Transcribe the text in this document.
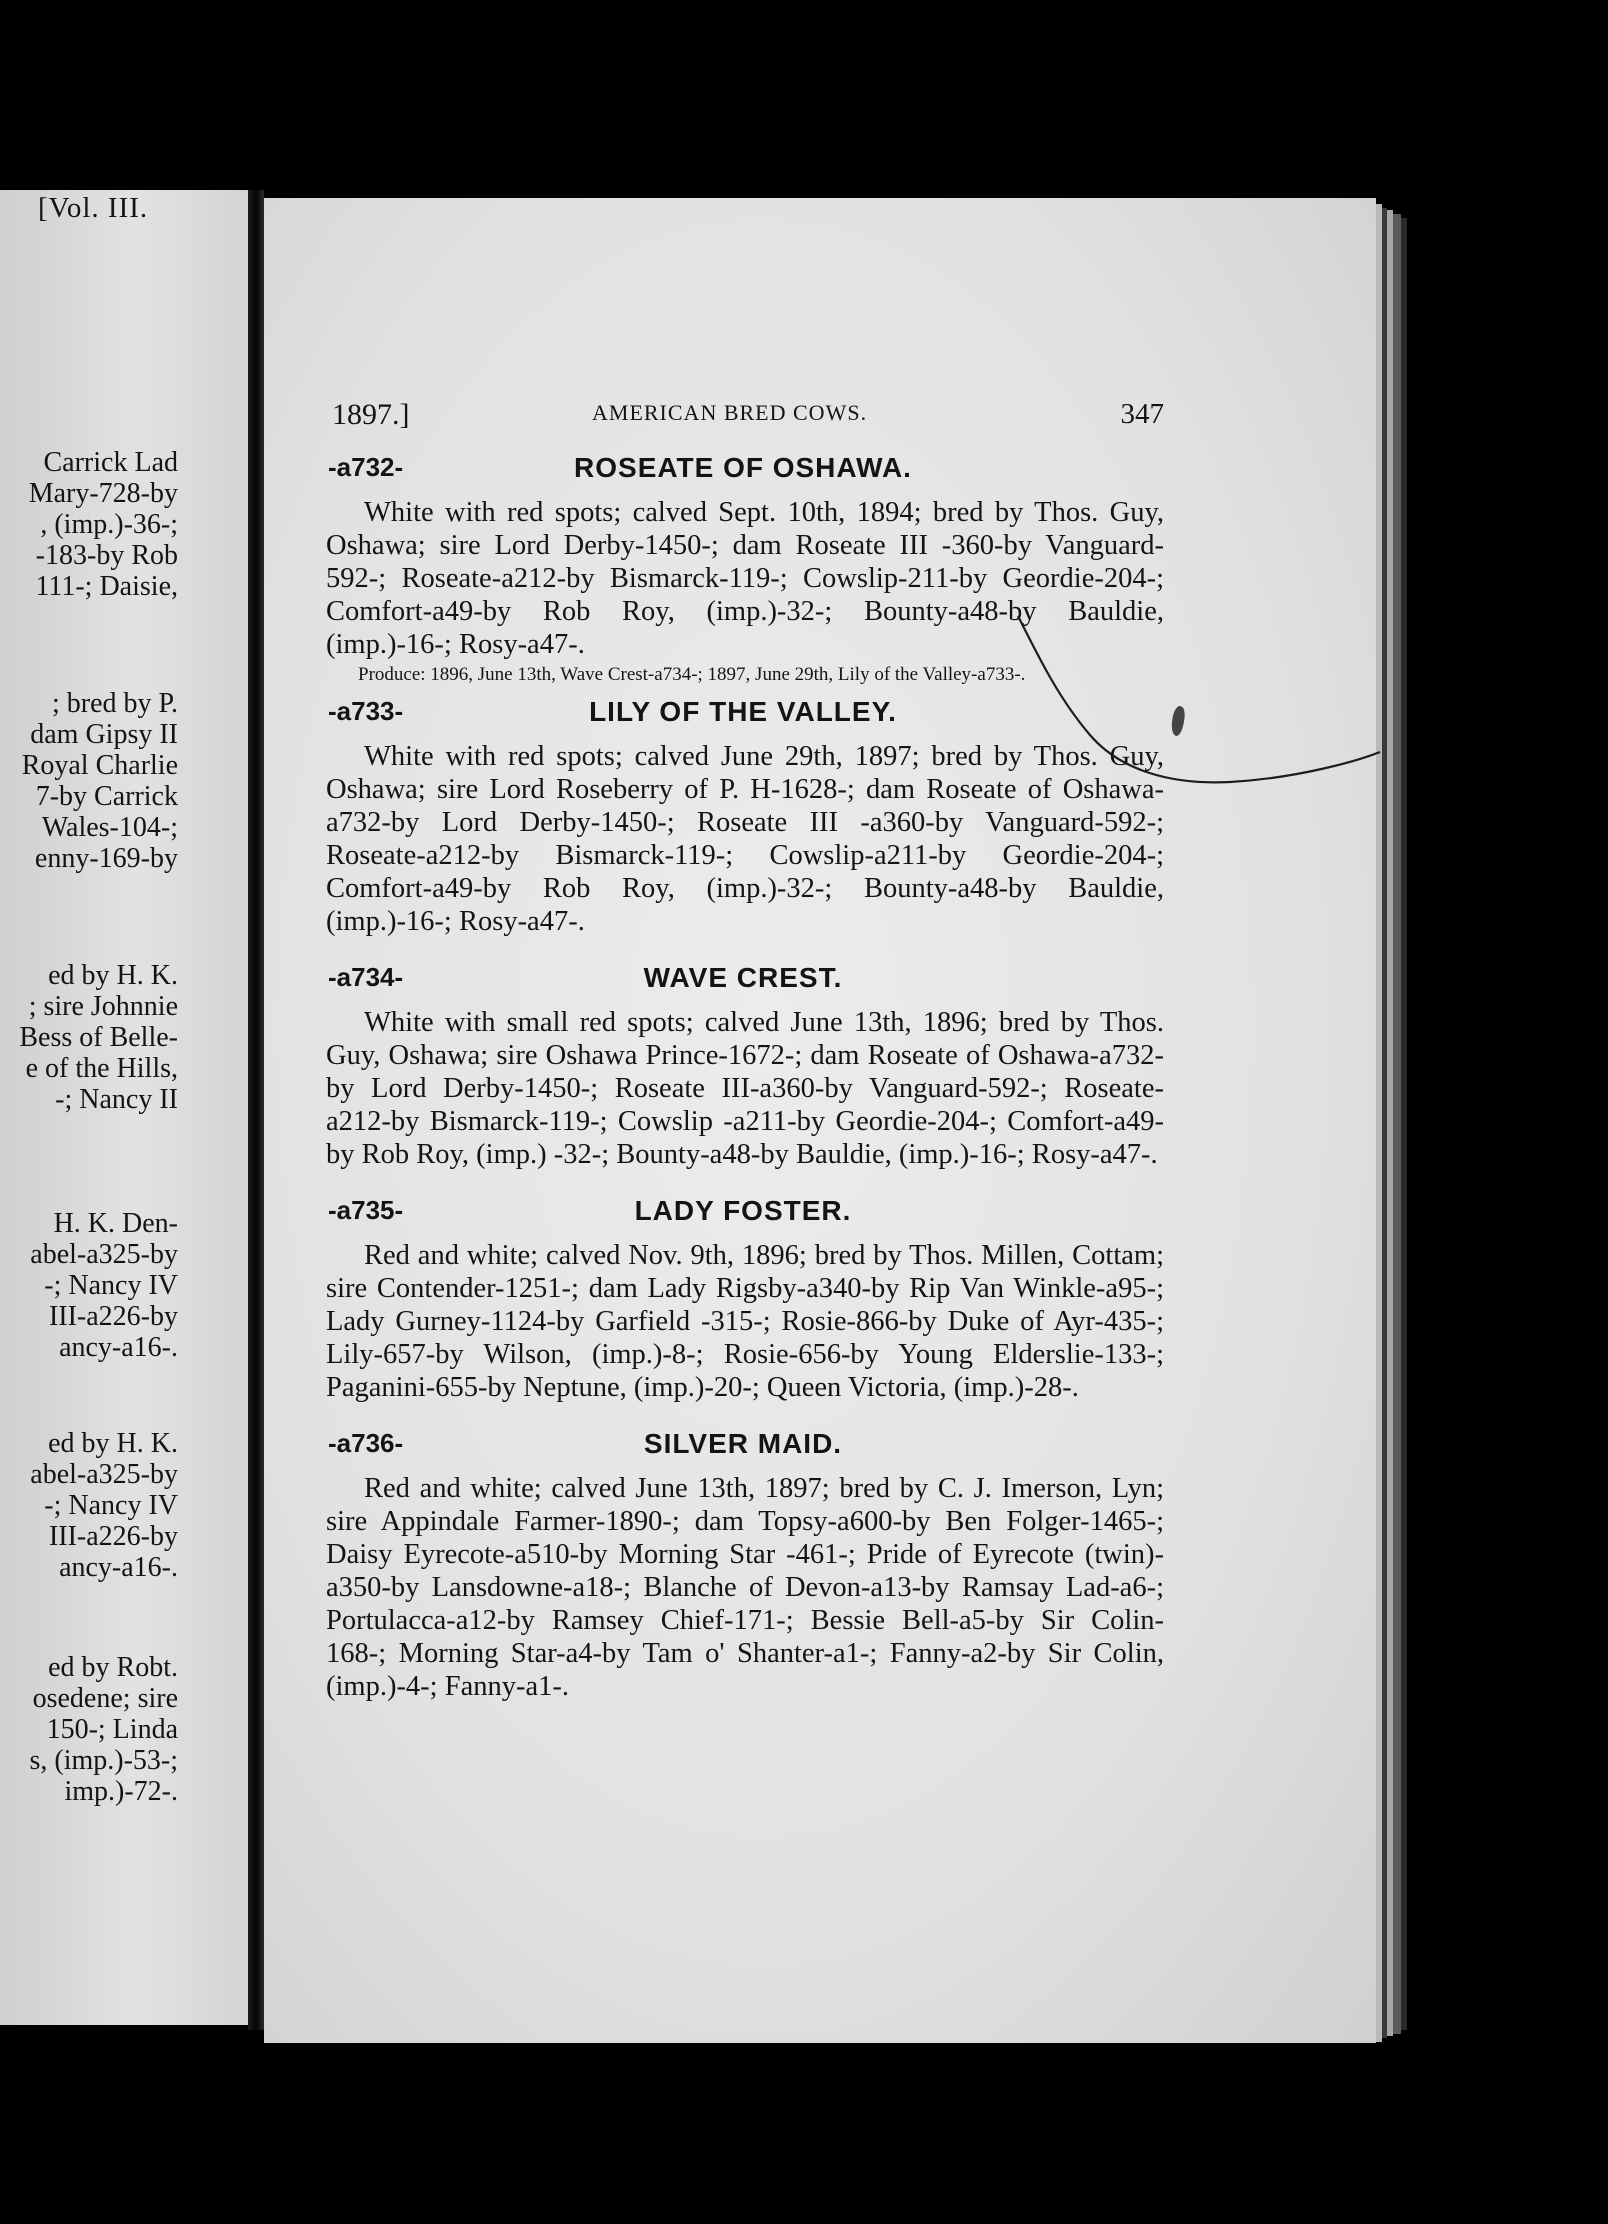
[Vol. III.
Carrick Lad
Mary-728-by
, (imp.)-36-;
-183-by Rob
111-; Daisie,
; bred by P.
dam Gipsy II
Royal Charlie
7-by Carrick
Wales-104-;
enny-169-by
ed by H. K.
; sire Johnnie
Bess of Belle-
e of the Hills,
-; Nancy II
H. K. Den-
abel-a325-by
-; Nancy IV
III-a226-by
ancy-a16-.
ed by H. K.
abel-a325-by
-; Nancy IV
III-a226-by
ancy-a16-.
ed by Robt.
osedene; sire
150-; Linda
s, (imp.)-53-;
imp.)-72-.
1897.]	AMERICAN BRED COWS.	347
-a732-	ROSEATE OF OSHAWA.

White with red spots; calved Sept. 10th, 1894; bred by Thos. Guy, Oshawa; sire Lord Derby-1450-; dam Roseate III -360-by Vanguard-592-; Roseate-a212-by Bismarck-119-; Cowslip-211-by Geordie-204-; Comfort-a49-by Rob Roy, (imp.)-32-; Bounty-a48-by Bauldie, (imp.)-16-; Rosy-a47-.

Produce: 1896, June 13th, Wave Crest-a734-; 1897, June 29th, Lily of the Valley-a733-.

-a733-	LILY OF THE VALLEY.

White with red spots; calved June 29th, 1897; bred by Thos. Guy, Oshawa; sire Lord Roseberry of P. H-1628-; dam Roseate of Oshawa-a732-by Lord Derby-1450-; Roseate III -a360-by Vanguard-592-; Roseate-a212-by Bismarck-119-; Cowslip-a211-by Geordie-204-; Comfort-a49-by Rob Roy, (imp.)-32-; Bounty-a48-by Bauldie, (imp.)-16-; Rosy-a47-.

-a734-	WAVE CREST.

White with small red spots; calved June 13th, 1896; bred by Thos. Guy, Oshawa; sire Oshawa Prince-1672-; dam Roseate of Oshawa-a732-by Lord Derby-1450-; Roseate III-a360-by Vanguard-592-; Roseate-a212-by Bismarck-119-; Cowslip -a211-by Geordie-204-; Comfort-a49-by Rob Roy, (imp.) -32-; Bounty-a48-by Bauldie, (imp.)-16-; Rosy-a47-.

-a735-	LADY FOSTER.

Red and white; calved Nov. 9th, 1896; bred by Thos. Millen, Cottam; sire Contender-1251-; dam Lady Rigsby-a340-by Rip Van Winkle-a95-; Lady Gurney-1124-by Garfield -315-; Rosie-866-by Duke of Ayr-435-; Lily-657-by Wilson, (imp.)-8-; Rosie-656-by Young Elderslie-133-; Paganini-655-by Neptune, (imp.)-20-; Queen Victoria, (imp.)-28-.

-a736-	SILVER MAID.

Red and white; calved June 13th, 1897; bred by C. J. Imerson, Lyn; sire Appindale Farmer-1890-; dam Topsy-a600-by Ben Folger-1465-; Daisy Eyrecote-a510-by Morning Star -461-; Pride of Eyrecote (twin)-a350-by Lansdowne-a18-; Blanche of Devon-a13-by Ramsay Lad-a6-; Portulacca-a12-by Ramsey Chief-171-; Bessie Bell-a5-by Sir Colin-168-; Morning Star-a4-by Tam o' Shanter-a1-; Fanny-a2-by Sir Colin, (imp.)-4-; Fanny-a1-.
